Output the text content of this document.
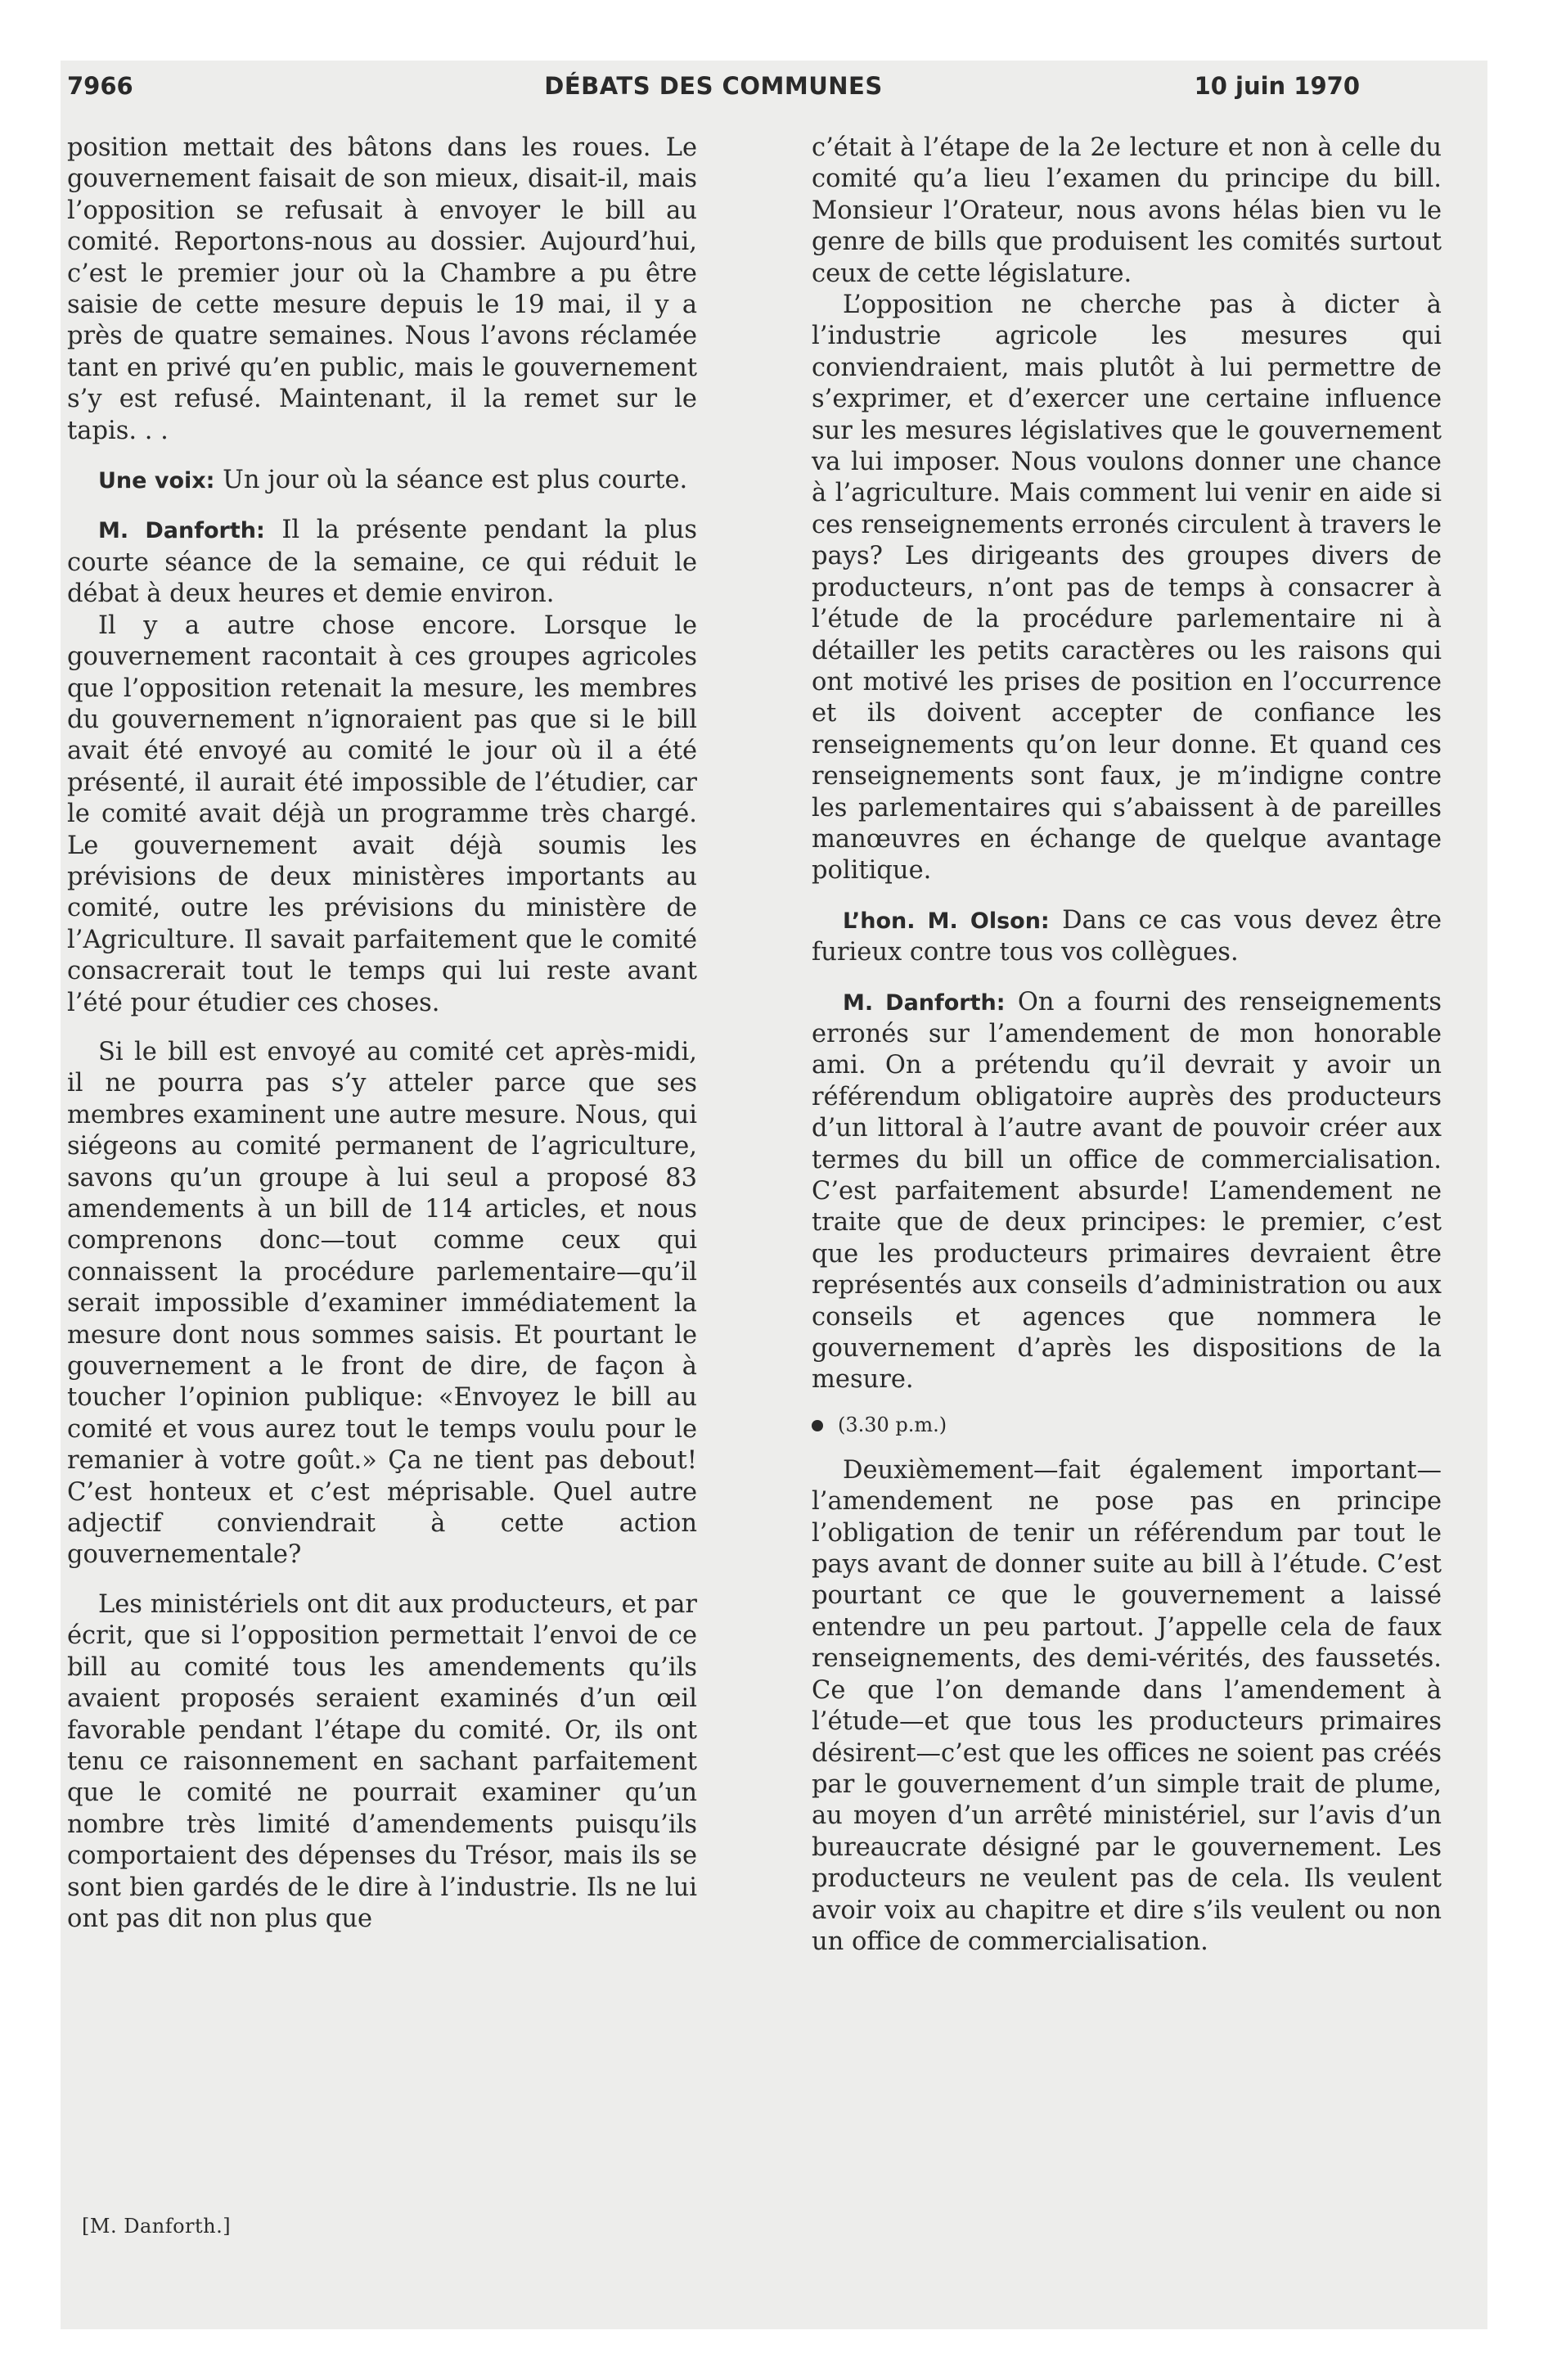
7966	DÉBATS DES COMMUNES	10 juin 1970

position mettait des bâtons dans les roues. Le gouvernement faisait de son mieux, disait-il, mais l’opposition se refusait à envoyer le bill au comité. Reportons-nous au dossier. Aujourd’hui, c’est le premier jour où la Chambre a pu être saisie de cette mesure depuis le 19 mai, il y a près de quatre semaines. Nous l’avons réclamée tant en privé qu’en public, mais le gouvernement s’y est refusé. Maintenant, il la remet sur le tapis. . .

Une voix: Un jour où la séance est plus courte.

M. Danforth: Il la présente pendant la plus courte séance de la semaine, ce qui réduit le débat à deux heures et demie environ.

Il y a autre chose encore. Lorsque le gouvernement racontait à ces groupes agricoles que l’opposition retenait la mesure, les membres du gouvernement n’ignoraient pas que si le bill avait été envoyé au comité le jour où il a été présenté, il aurait été impossible de l’étudier, car le comité avait déjà un programme très chargé. Le gouvernement avait déjà soumis les prévisions de deux ministères importants au comité, outre les prévisions du ministère de l’Agriculture. Il savait parfaitement que le comité consacrerait tout le temps qui lui reste avant l’été pour étudier ces choses.

Si le bill est envoyé au comité cet après-midi, il ne pourra pas s’y atteler parce que ses membres examinent une autre mesure. Nous, qui siégeons au comité permanent de l’agriculture, savons qu’un groupe à lui seul a proposé 83 amendements à un bill de 114 articles, et nous comprenons donc—tout comme ceux qui connaissent la procédure parlementaire—qu’il serait impossible d’examiner immédiatement la mesure dont nous sommes saisis. Et pourtant le gouvernement a le front de dire, de façon à toucher l’opinion publique: «Envoyez le bill au comité et vous aurez tout le temps voulu pour le remanier à votre goût.» Ça ne tient pas debout! C’est honteux et c’est méprisable. Quel autre adjectif conviendrait à cette action gouvernementale?

Les ministériels ont dit aux producteurs, et par écrit, que si l’opposition permettait l’envoi de ce bill au comité tous les amendements qu’ils avaient proposés seraient examinés d’un œil favorable pendant l’étape du comité. Or, ils ont tenu ce raisonnement en sachant parfaitement que le comité ne pourrait examiner qu’un nombre très limité d’amendements puisqu’ils comportaient des dépenses du Trésor, mais ils se sont bien gardés de le dire à l’industrie. Ils ne lui ont pas dit non plus que

c’était à l’étape de la 2e lecture et non à celle du comité qu’a lieu l’examen du principe du bill. Monsieur l’Orateur, nous avons hélas bien vu le genre de bills que produisent les comités surtout ceux de cette législature.

L’opposition ne cherche pas à dicter à l’industrie agricole les mesures qui conviendraient, mais plutôt à lui permettre de s’exprimer, et d’exercer une certaine influence sur les mesures législatives que le gouvernement va lui imposer. Nous voulons donner une chance à l’agriculture. Mais comment lui venir en aide si ces renseignements erronés circulent à travers le pays? Les dirigeants des groupes divers de producteurs, n’ont pas de temps à consacrer à l’étude de la procédure parlementaire ni à détailler les petits caractères ou les raisons qui ont motivé les prises de position en l’occurrence et ils doivent accepter de confiance les renseignements qu’on leur donne. Et quand ces renseignements sont faux, je m’indigne contre les parlementaires qui s’abaissent à de pareilles manœuvres en échange de quelque avantage politique.

L’hon. M. Olson: Dans ce cas vous devez être furieux contre tous vos collègues.

M. Danforth: On a fourni des renseignements erronés sur l’amendement de mon honorable ami. On a prétendu qu’il devrait y avoir un référendum obligatoire auprès des producteurs d’un littoral à l’autre avant de pouvoir créer aux termes du bill un office de commercialisation. C’est parfaitement absurde! L’amendement ne traite que de deux principes: le premier, c’est que les producteurs primaires devraient être représentés aux conseils d’administration ou aux conseils et agences que nommera le gouvernement d’après les dispositions de la mesure.

(3.30 p.m.)

Deuxièmement—fait également important—l’amendement ne pose pas en principe l’obligation de tenir un référendum par tout le pays avant de donner suite au bill à l’étude. C’est pourtant ce que le gouvernement a laissé entendre un peu partout. J’appelle cela de faux renseignements, des demi-vérités, des faussetés. Ce que l’on demande dans l’amendement à l’étude—et que tous les producteurs primaires désirent—c’est que les offices ne soient pas créés par le gouvernement d’un simple trait de plume, au moyen d’un arrêté ministériel, sur l’avis d’un bureaucrate désigné par le gouvernement. Les producteurs ne veulent pas de cela. Ils veulent avoir voix au chapitre et dire s’ils veulent ou non un office de commercialisation.

[M. Danforth.]
